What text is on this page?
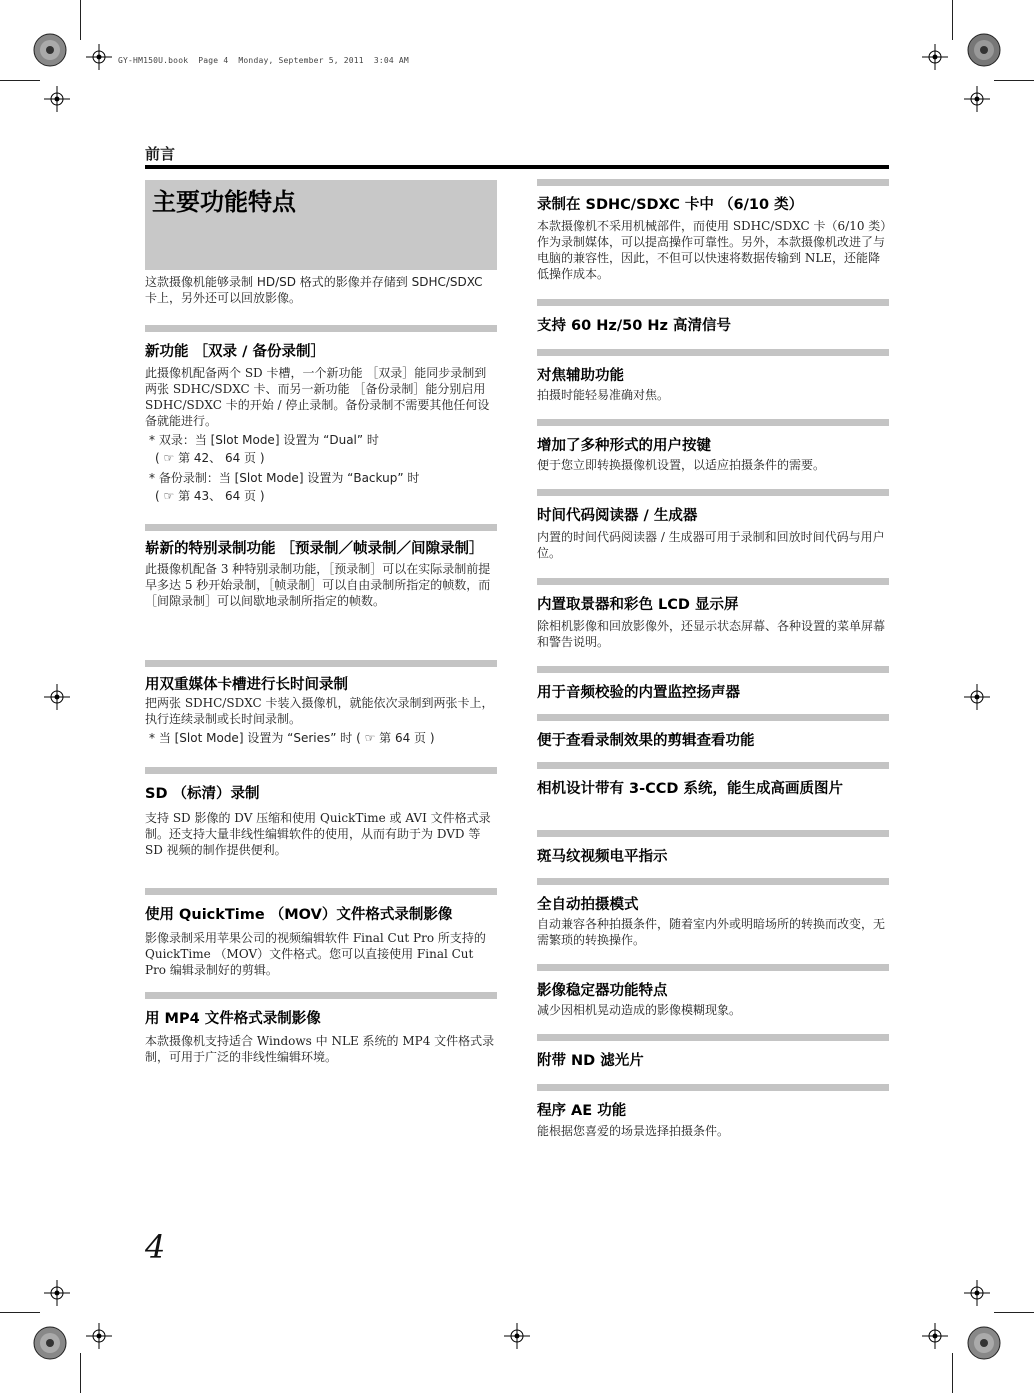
GY-HM150U.book  Page 4  Monday, September 5, 2011  3:04 AM
前言
主要功能特点

这款摄像机能够录制 HD/SD 格式的影像并存储到 SDHC/SDXC 卡上，另外还可以回放影像。

新功能 ［双录 / 备份录制］

此摄像机配备两个 SD 卡槽，一个新功能 ［双录］能同步录制到两张 SDHC/SDXC 卡、而另一新功能 ［备份录制］能分别启用 SDHC/SDXC 卡的开始 / 停止录制。备份录制不需要其他任何设备就能进行。

* 双录：当 [Slot Mode] 设置为 “Dual” 时
( ☞ 第 42、 64 页 )
* 备份录制：当 [Slot Mode] 设置为 “Backup” 时
( ☞ 第 43、 64 页 )
崭新的特别录制功能 ［预录制／帧录制／间隙录制］

此摄像机配备 3 种特别录制功能，［预录制］可以在实际录制前提早多达 5 秒开始录制，［帧录制］可以自由录制所指定的帧数，而 ［间隙录制］可以间歇地录制所指定的帧数。

用双重媒体卡槽进行长时间录制

把两张 SDHC/SDXC 卡装入摄像机，就能依次录制到两张卡上，执行连续录制或长时间录制。

* 当 [Slot Mode] 设置为 “Series” 时 ( ☞ 第 64 页 )
SD （标清）录制

支持 SD 影像的 DV 压缩和使用 QuickTime 或 AVI 文件格式录制。还支持大量非线性编辑软件的使用，从而有助于为 DVD 等 SD 视频的制作提供便利。

使用 QuickTime （MOV）文件格式录制影像

影像录制采用苹果公司的视频编辑软件 Final Cut Pro 所支持的 QuickTime （MOV）文件格式。您可以直接使用 Final Cut Pro 编辑录制好的剪辑。

用 MP4 文件格式录制影像

本款摄像机支持适合 Windows 中 NLE 系统的 MP4 文件格式录制，可用于广泛的非线性编辑环境。

录制在 SDHC/SDXC 卡中 （6/10 类）

本款摄像机不采用机械部件，而使用 SDHC/SDXC 卡（6/10 类）作为录制媒体，可以提高操作可靠性。另外，本款摄像机改进了与电脑的兼容性，因此，不但可以快速将数据传输到 NLE，还能降低操作成本。

支持 60 Hz/50 Hz 高清信号
对焦辅助功能

拍摄时能轻易准确对焦。

增加了多种形式的用户按键

便于您立即转换摄像机设置，以适应拍摄条件的需要。

时间代码阅读器 / 生成器

内置的时间代码阅读器 / 生成器可用于录制和回放时间代码与用户位。

内置取景器和彩色 LCD 显示屏

除相机影像和回放影像外，还显示状态屏幕、各种设置的菜单屏幕和警告说明。

用于音频校验的内置监控扬声器
便于查看录制效果的剪辑查看功能
相机设计带有 3-CCD 系统，能生成高画质图片
斑马纹视频电平指示
全自动拍摄模式

自动兼容各种拍摄条件，随着室内外或明暗场所的转换而改变，无需繁琐的转换操作。

影像稳定器功能特点

减少因相机晃动造成的影像模糊现象。

附带 ND 滤光片
程序 AE 功能

能根据您喜爱的场景选择拍摄条件。

4
